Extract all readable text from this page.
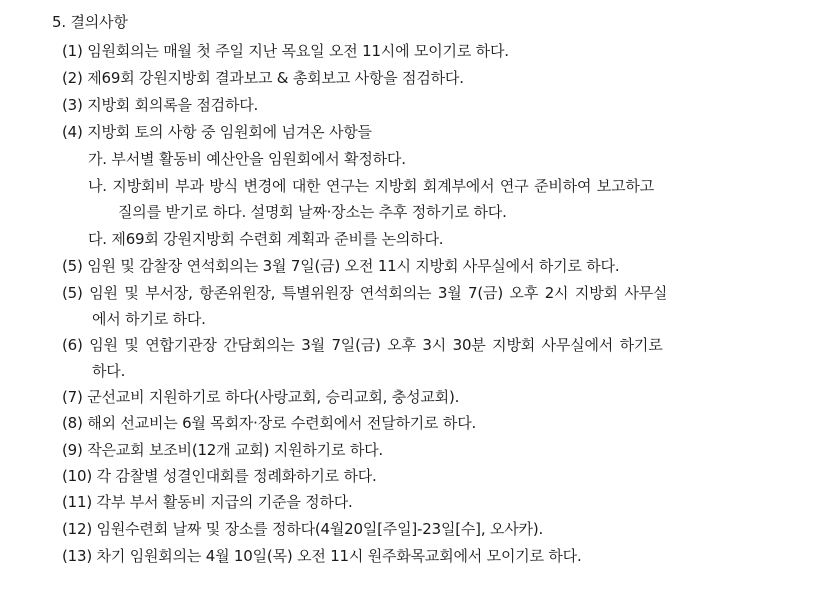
5. 결의사항
(1) 임원회의는 매월 첫 주일 지난 목요일 오전 11시에 모이기로 하다.
(2) 제69회 강원지방회 결과보고 & 총회보고 사항을 점검하다.
(3) 지방회 회의록을 점검하다.
(4) 지방회 토의 사항 중 임원회에 넘겨온 사항들
가. 부서별 활동비 예산안을 임원회에서 확정하다.
나. 지방회비 부과 방식 변경에 대한 연구는 지방회 회계부에서 연구 준비하여 보고하고
질의를 받기로 하다. 설명회 날짜·장소는 추후 정하기로 하다.
다. 제69회 강원지방회 수련회 계획과 준비를 논의하다.
(5) 임원 및 감찰장 연석회의는 3월 7일(금) 오전 11시 지방회 사무실에서 하기로 하다.
(5) 임원 및 부서장, 항존위원장, 특별위원장 연석회의는 3월 7(금) 오후 2시 지방회 사무실
에서 하기로 하다.
(6) 임원 및 연합기관장 간담회의는 3월 7일(금) 오후 3시 30분 지방회 사무실에서 하기로
하다.
(7) 군선교비 지원하기로 하다(사랑교회, 승리교회, 충성교회).
(8) 해외 선교비는 6월 목회자·장로 수련회에서 전달하기로 하다.
(9) 작은교회 보조비(12개 교회) 지원하기로 하다.
(10) 각 감찰별 성결인대회를 정례화하기로 하다.
(11) 각부 부서 활동비 지급의 기준을 정하다.
(12) 임원수련회 날짜 및 장소를 정하다(4월20일[주일]-23일[수], 오사카).
(13) 차기 임원회의는 4월 10일(목) 오전 11시 원주화목교회에서 모이기로 하다.
